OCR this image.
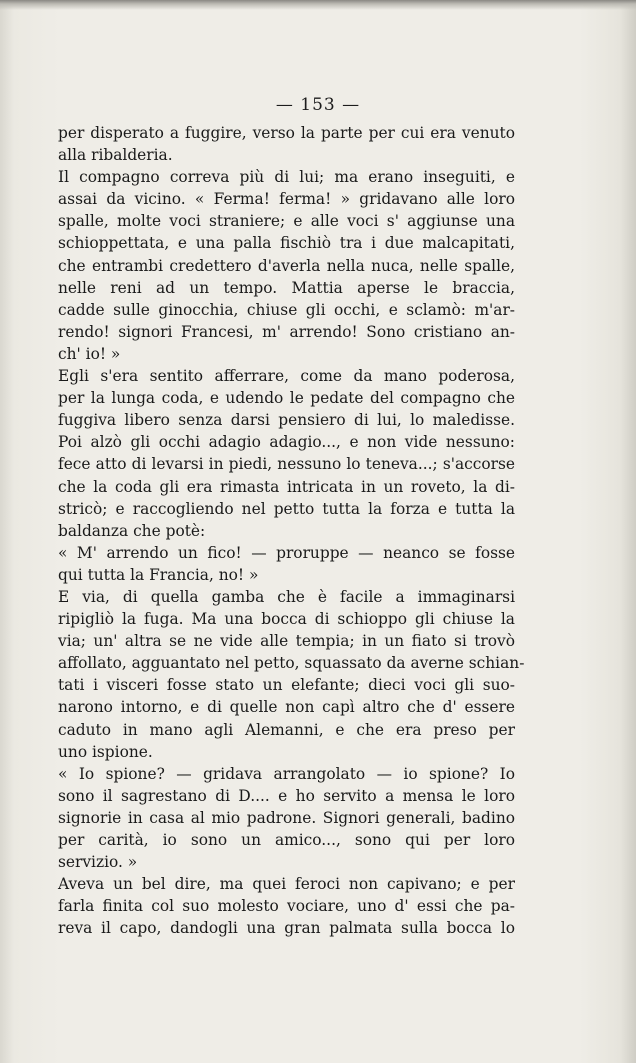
— 153 —
per disperato a fuggire, verso la parte per cui era venuto
alla ribalderia.
Il compagno correva più di lui; ma erano inseguiti, e
assai da vicino. « Ferma! ferma! » gridavano alle loro
spalle, molte voci straniere; e alle voci s' aggiunse una
schioppettata, e una palla fischiò tra i due malcapitati,
che entrambi credettero d'averla nella nuca, nelle spalle,
nelle reni ad un tempo. Mattia aperse le braccia,
cadde sulle ginocchia, chiuse gli occhi, e sclamò: m'ar-
rendo! signori Francesi, m' arrendo! Sono cristiano an-
ch' io! »
Egli s'era sentito afferrare, come da mano poderosa,
per la lunga coda, e udendo le pedate del compagno che
fuggiva libero senza darsi pensiero di lui, lo maledisse.
Poi alzò gli occhi adagio adagio..., e non vide nessuno:
fece atto di levarsi in piedi, nessuno lo teneva...; s'accorse
che la coda gli era rimasta intricata in un roveto, la di-
stricò; e raccogliendo nel petto tutta la forza e tutta la
baldanza che potè:
« M' arrendo un fico! — proruppe — neanco se fosse
qui tutta la Francia, no! »
E via, di quella gamba che è facile a immaginarsi
ripigliò la fuga. Ma una bocca di schioppo gli chiuse la
via; un' altra se ne vide alle tempia; in un fiato si trovò
affollato, agguantato nel petto, squassato da averne schian-
tati i visceri fosse stato un elefante; dieci voci gli suo-
narono intorno, e di quelle non capì altro che d' essere
caduto in mano agli Alemanni, e che era preso per
uno ispione.
« Io spione? — gridava arrangolato — io spione? Io
sono il sagrestano di D.... e ho servito a mensa le loro
signorie in casa al mio padrone. Signori generali, badino
per carità, io sono un amico..., sono qui per loro
servizio. »
Aveva un bel dire, ma quei feroci non capivano; e per
farla finita col suo molesto vociare, uno d' essi che pa-
reva il capo, dandogli una gran palmata sulla bocca lo
